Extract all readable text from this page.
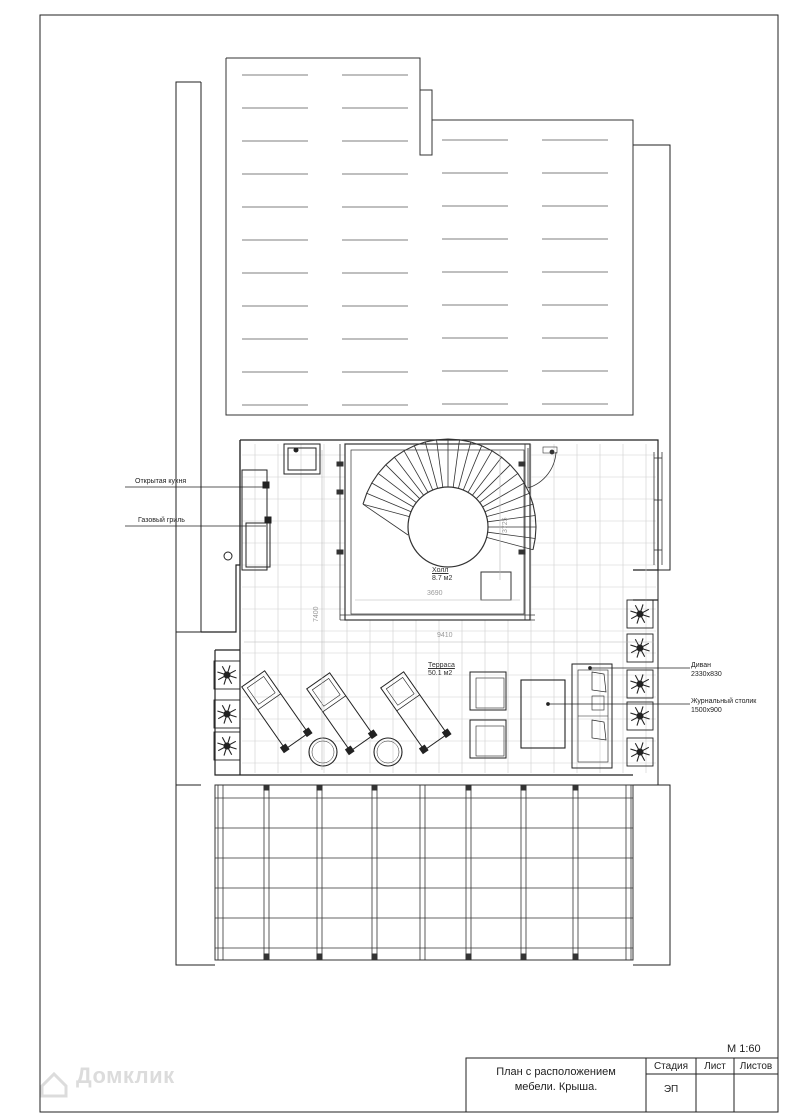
Открытая кухня
Газовый гриль
Диван
2330x830
Журнальный столик
1500x900
Холл
8.7 м2
Терраса
50.1 м2
3690
9410
7400
3725
М 1:60
План с расположением
мебели. Крыша.
Стадия	Лист	Листов
ЭП
Домклик
